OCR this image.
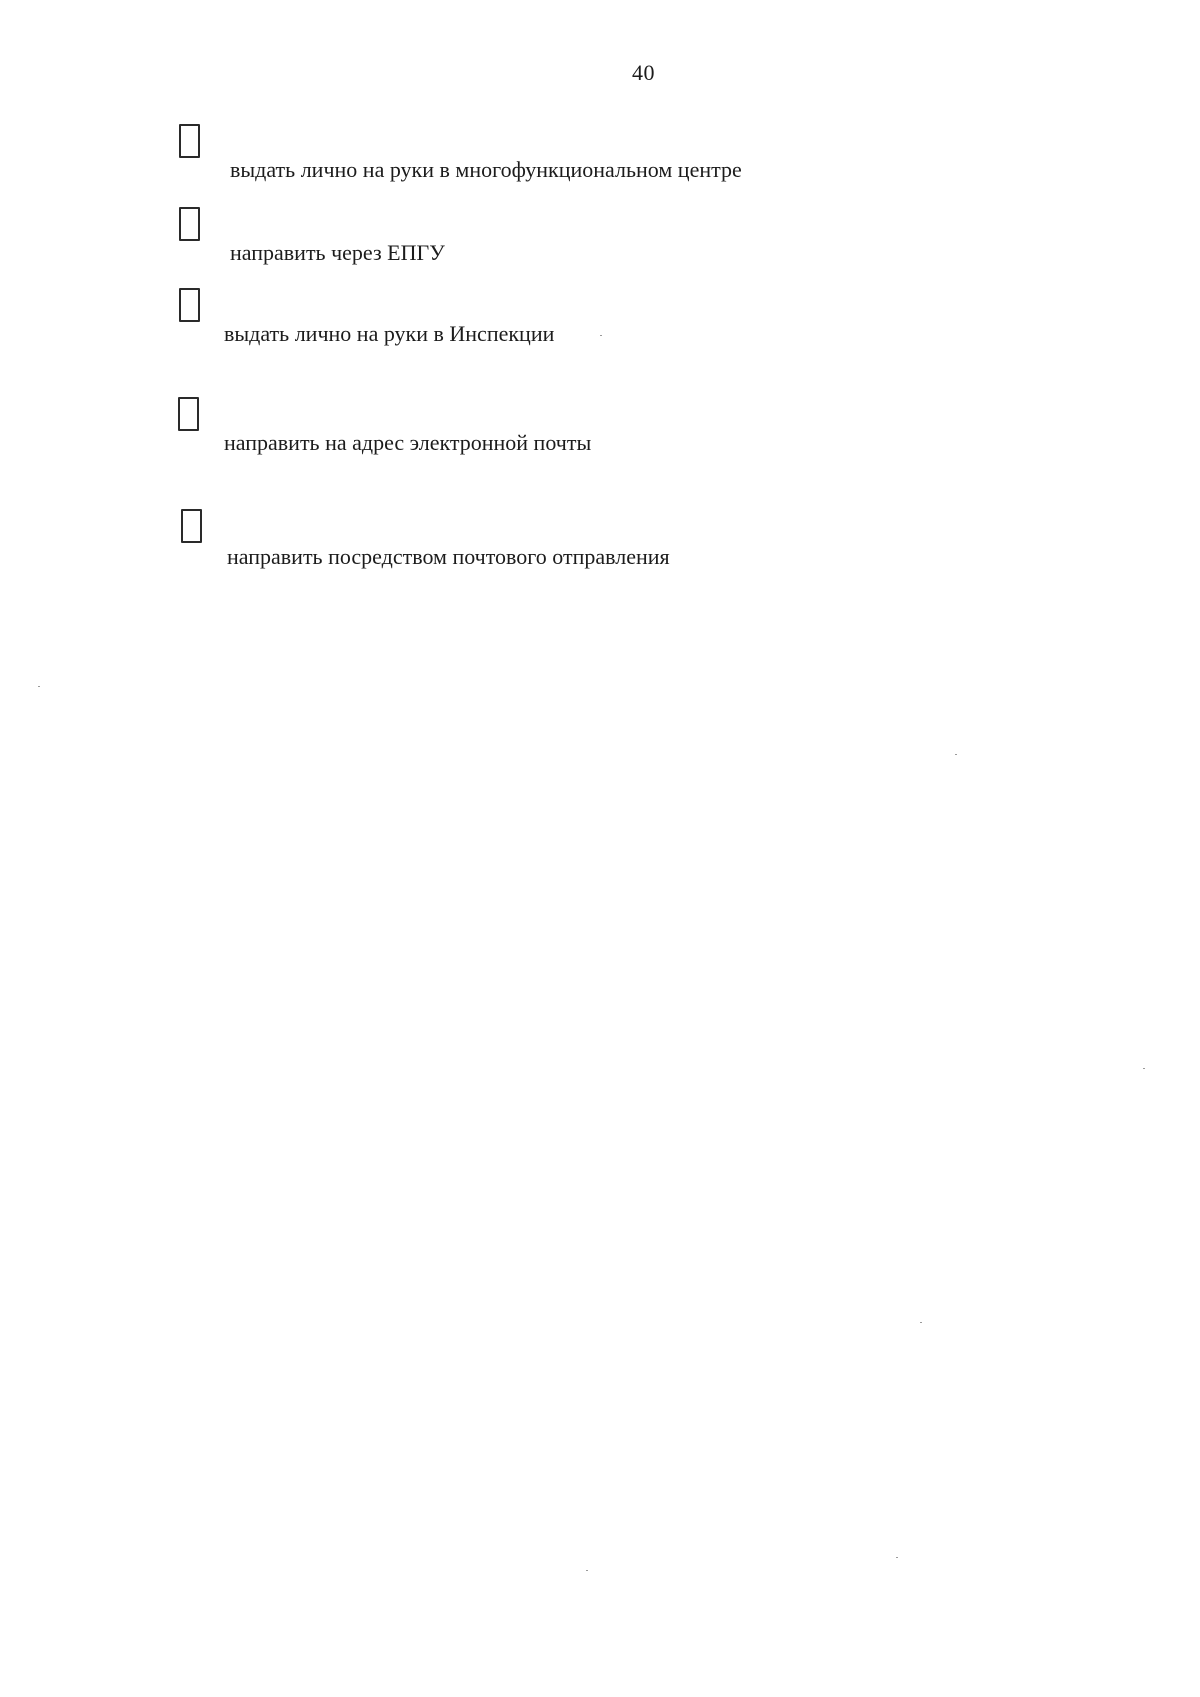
40
выдать лично на руки в многофункциональном центре
направить через ЕПГУ
выдать лично на руки в Инспекции
направить на адрес электронной почты
направить посредством почтового отправления
